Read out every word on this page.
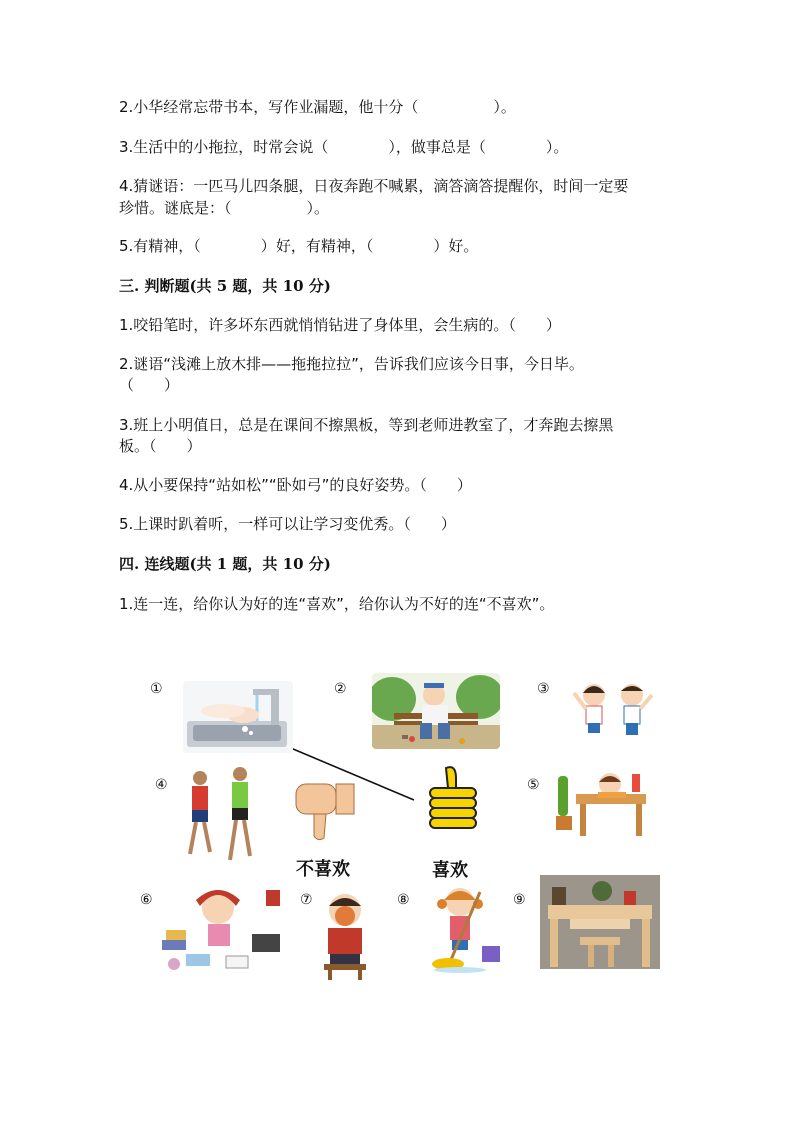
2.小华经常忘带书本，写作业漏题，他十分（　　　　　）。
3.生活中的小拖拉，时常会说（　　　　），做事总是（　　　　）。
4.猜谜语：一匹马儿四条腿，日夜奔跑不喊累，滴答滴答提醒你，时间一定要
珍惜。谜底是：（　　　　　）。
5.有精神，（　　　　）好，有精神，（　　　　）好。
三. 判断题(共 5 题，共 10 分)
1.咬铅笔时，许多坏东西就悄悄钻进了身体里，会生病的。（　　）
2.谜语“浅滩上放木排——拖拖拉拉”，告诉我们应该今日事，今日毕。
（　　）
3.班上小明值日，总是在课间不擦黑板，等到老师进教室了，才奔跑去擦黑
板。（　　）
4.从小要保持“站如松”“卧如弓”的良好姿势。（　　）
5.上课时趴着听，一样可以让学习变优秀。（　　）
四. 连线题(共 1 题，共 10 分)
1.连一连，给你认为好的连“喜欢”，给你认为不好的连“不喜欢”。
①	②	③
④	⑤
⑥	⑦	⑧	⑨
不喜欢	喜欢
